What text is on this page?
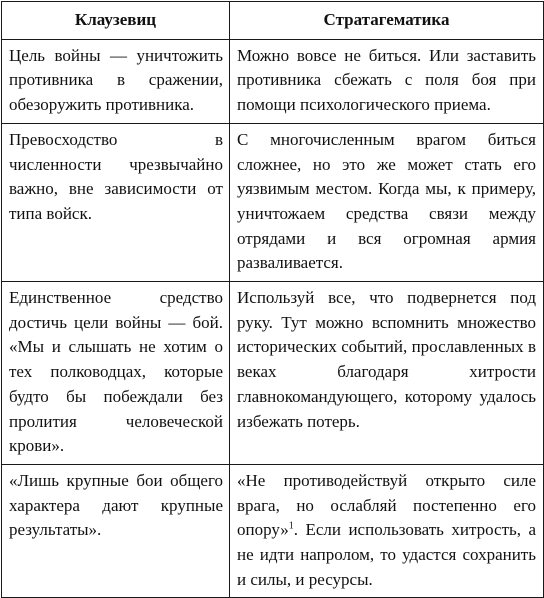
Клаузевиц	Стратагематика
Цель войны — уничтожить противника в сражении, обезоружить противника.	Можно вовсе не биться. Или заставить противника сбежать с поля боя при помощи психологического приема.
Превосходство в численности чрезвычайно важно, вне зависимости от типа войск.	С многочисленным врагом биться сложнее, но это же может стать его уязвимым местом. Когда мы, к примеру, уничтожаем средства связи между отрядами и вся огромная армия разваливается.
Единственное средство достичь цели войны — бой. «Мы и слышать не хотим о тех полководцах, которые будто бы побеждали без пролития человеческой крови».	Используй все, что подвернется под руку. Тут можно вспомнить множество исторических событий, прославленных в веках благодаря хитрости главнокомандующего, которому удалось избежать потерь.
«Лишь крупные бои общего характера дают крупные результаты».	«Не противодействуй открыто силе врага, но ослабляй постепенно его опору»$^1$. Если использовать хитрость, а не идти напролом, то удастся сохранить и силы, и ресурсы.
